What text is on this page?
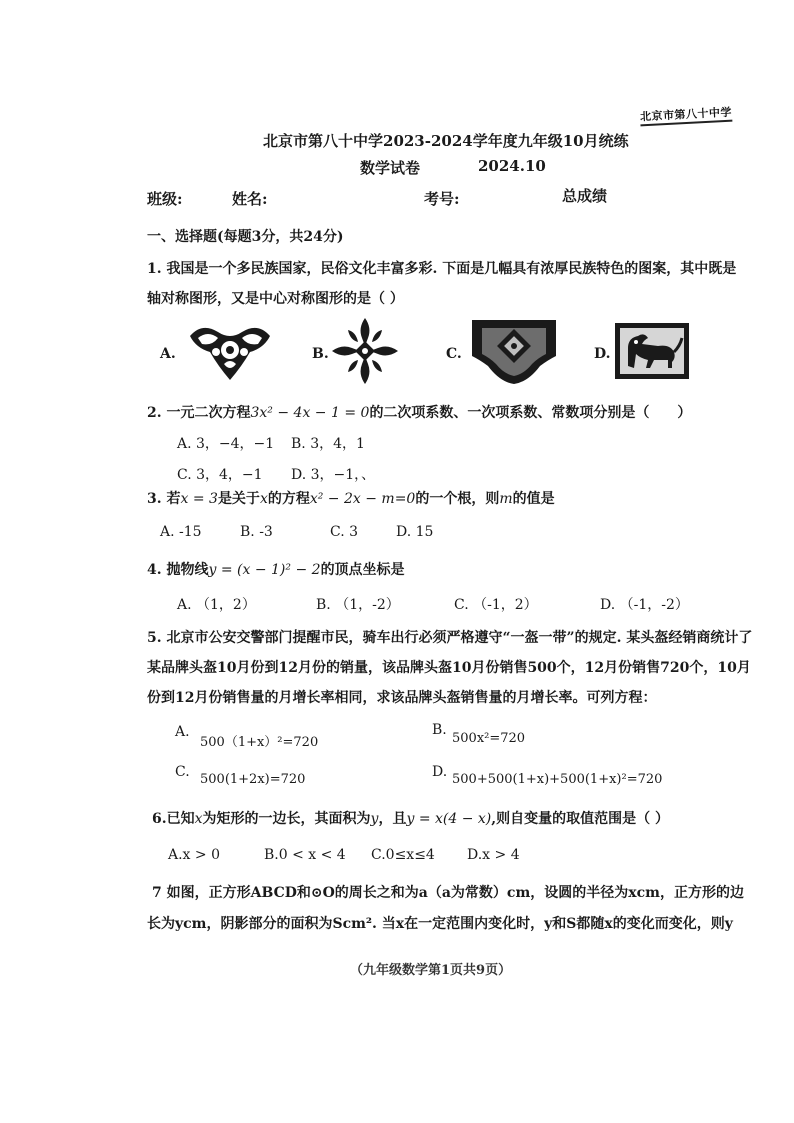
北京市第八十中学
北京市第八十中学2023-2024学年度九年级10月统练
数学试卷	2024.10
班级:	姓名:	考号:	总成绩
一、选择题(每题3分，共24分)
1. 我国是一个多民族国家，民俗文化丰富多彩. 下面是几幅具有浓厚民族特色的图案，其中既是
轴对称图形，又是中心对称图形的是（ ）
A.	B.	C.	D.
2. 一元二次方程3x² − 4x − 1 = 0的二次项系数、一次项系数、常数项分别是（　　）
A. 3，−4，−1 B. 3，4，1
C. 3，4，−1 D. 3，−1，、
3. 若x = 3是关于x的方程x² − 2x − m=0的一个根，则m的值是
A. -15	B. -3	C. 3	D. 15
4. 抛物线y = (x − 1)² − 2的顶点坐标是
A. （1，2）	B. （1，-2）	C. （-1，2）	D. （-1，-2）
5. 北京市公安交警部门提醒市民，骑车出行必须严格遵守“一盔一带”的规定. 某头盔经销商统计了
某品牌头盔10月份到12月份的销量，该品牌头盔10月份销售500个，12月份销售720个，10月
份到12月份销售量的月增长率相同，求该品牌头盔销售量的月增长率。可列方程：
A.
500（1+x）²=720
B.
500x²=720
C. 500(1+2x)=720	D. 500+500(1+x)+500(1+x)²=720
6.已知x为矩形的一边长，其面积为y，且y = x(4 − x),则自变量的取值范围是（ ）
A.x > 0	B.0 < x < 4 C.0≤x≤4 D.x > 4
7 如图，正方形ABCD和⊙O的周长之和为a（a为常数）cm，设圆的半径为xcm，正方形的边
长为ycm，阴影部分的面积为Scm². 当x在一定范围内变化时，y和S都随x的变化而变化，则y
（九年级数学第1页共9页）
